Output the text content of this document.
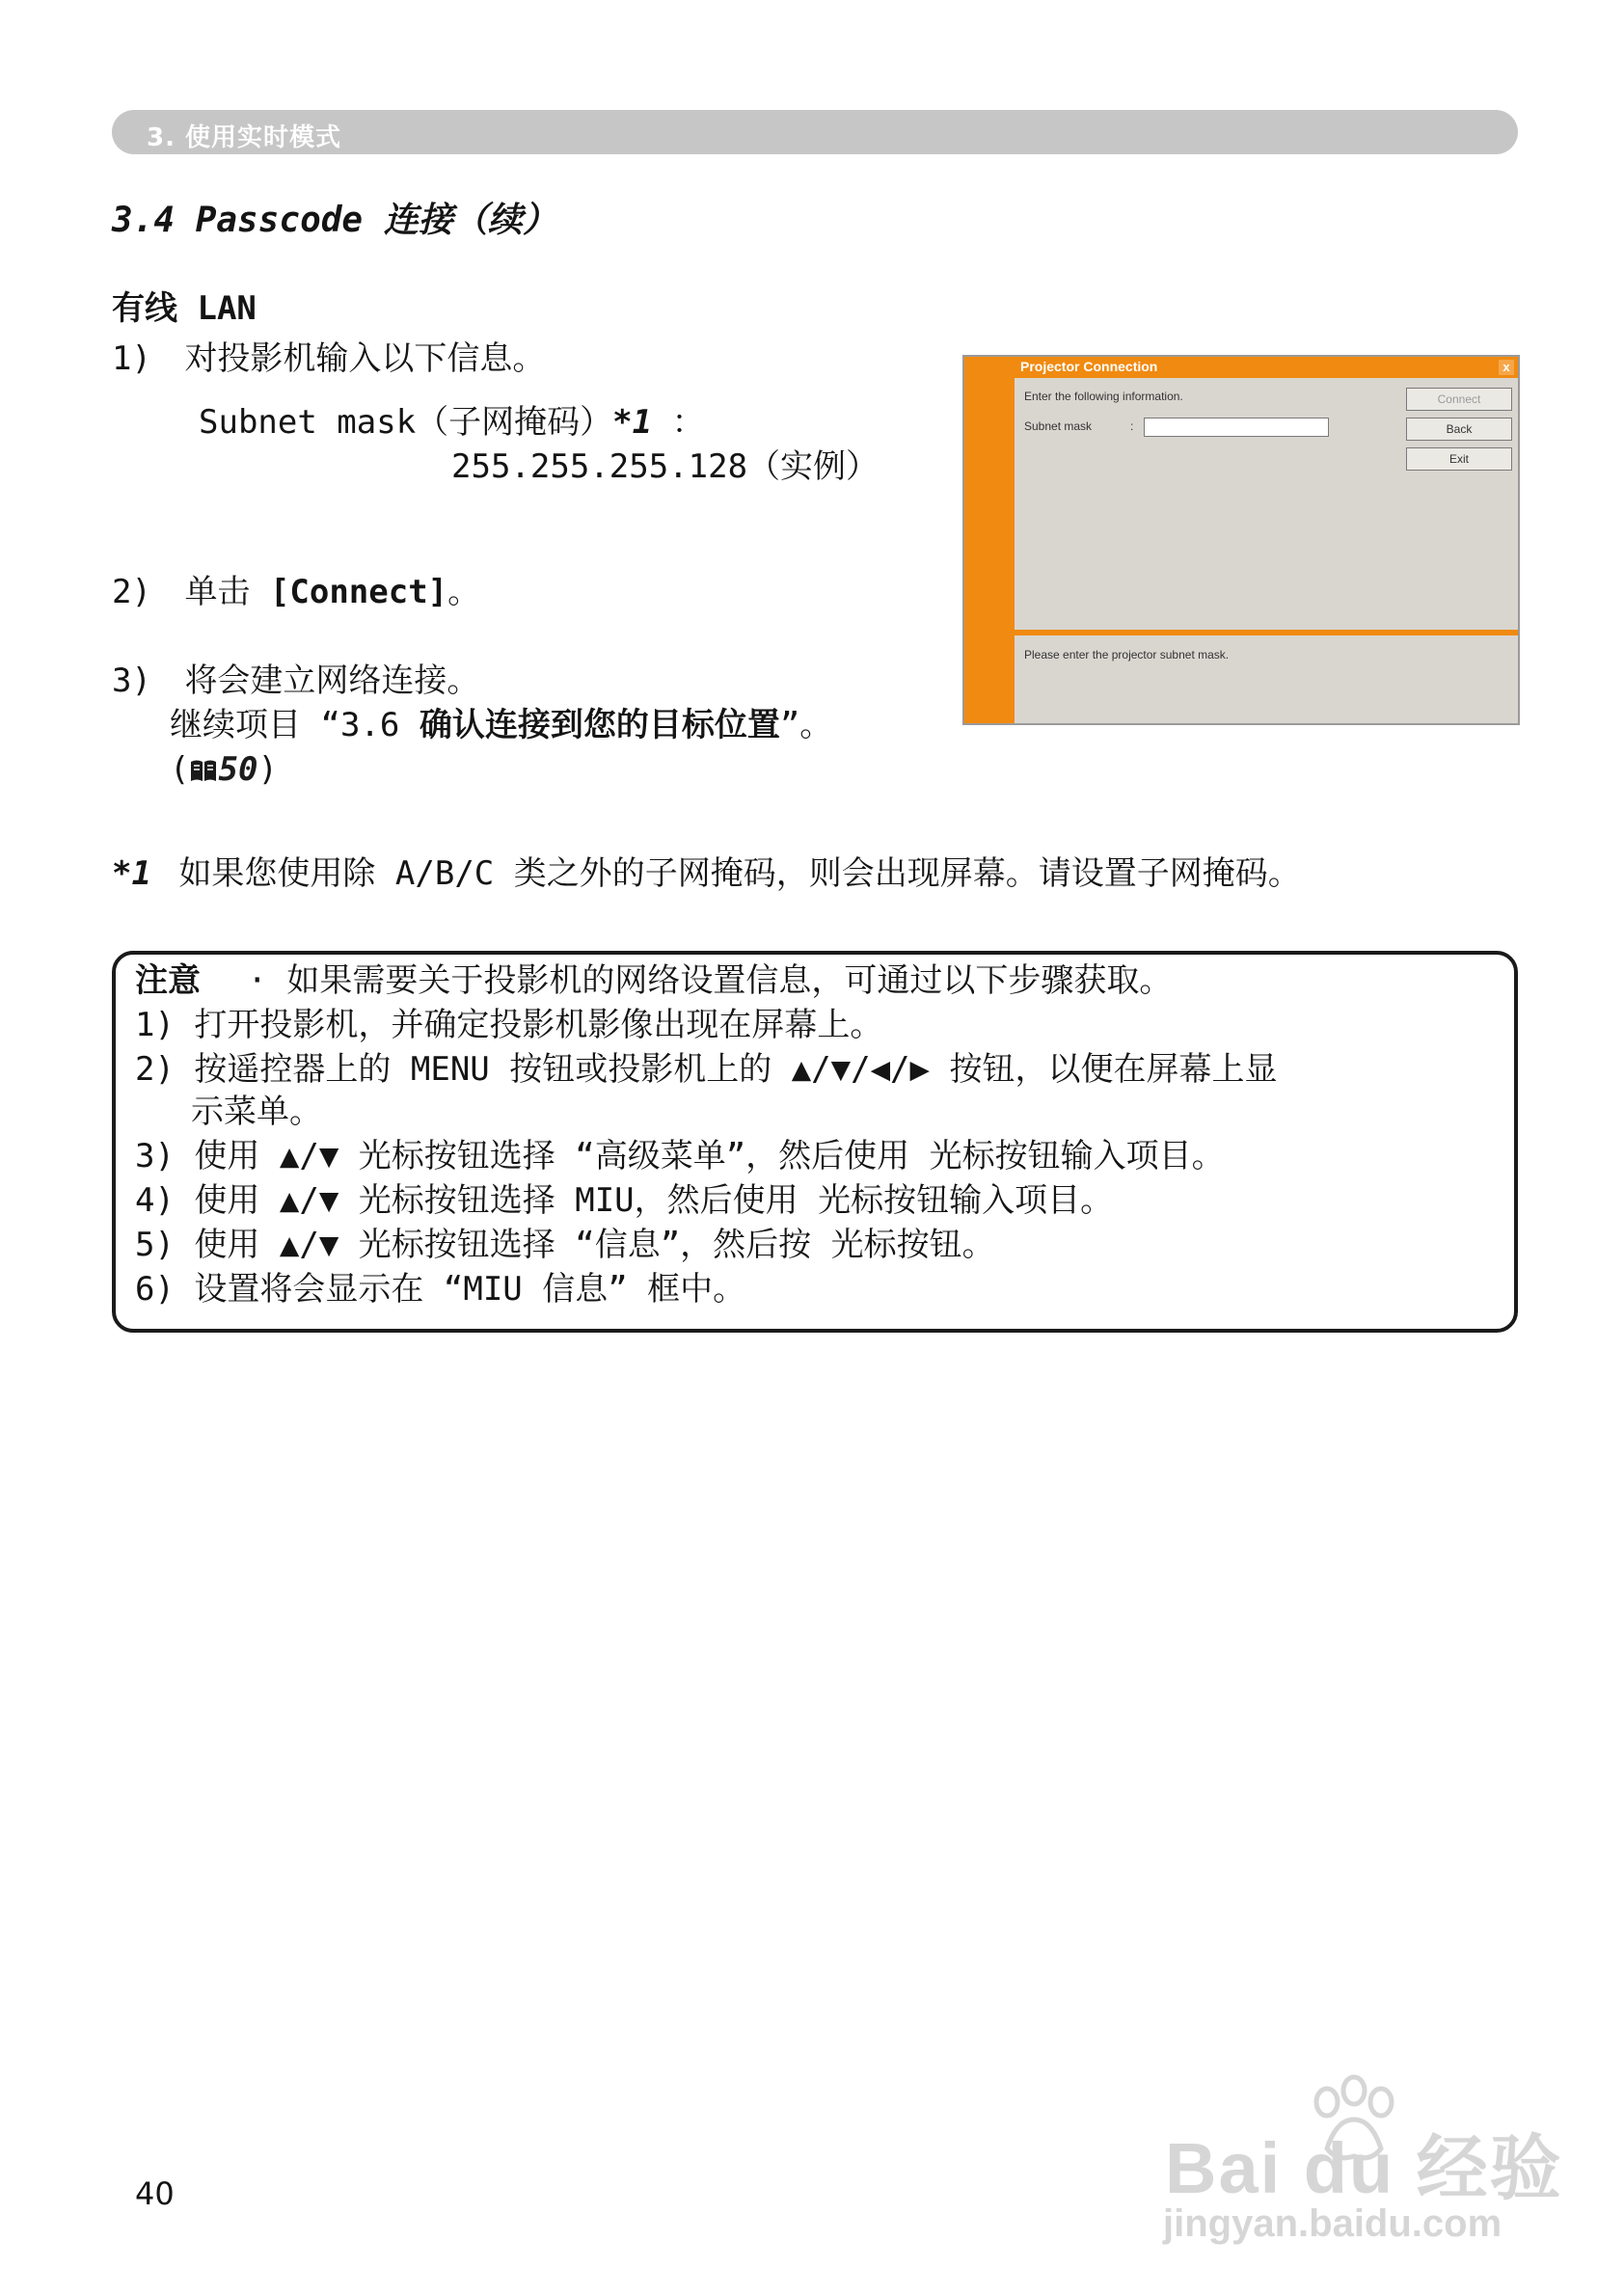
3. 使用实时模式
3.4 Passcode 连接（续）
有线 LAN
1) 对投影机输入以下信息。
Subnet mask（子网掩码）*1 ：
255.255.255.128（实例）
2) 单击 [Connect]。
3) 将会建立网络连接。
继续项目 “3.6 确认连接到您的目标位置”。
( 50)
Projector Connection	x
Enter the following information.
Subnet mask	:
Connect
Back
Exit
Please enter the projector subnet mask.
*1 如果您使用除 A/B/C 类之外的子网掩码，则会出现屏幕。请设置子网掩码。
注意 · 如果需要关于投影机的网络设置信息，可通过以下步骤获取。
1) 打开投影机，并确定投影机影像出现在屏幕上。
2) 按遥控器上的 MENU 按钮或投影机上的 ▲/▼/◀/▶ 按钮，以便在屏幕上显
示菜单。
3) 使用 ▲/▼ 光标按钮选择 “高级菜单”，然后使用 光标按钮输入项目。
4) 使用 ▲/▼ 光标按钮选择 MIU，然后使用 光标按钮输入项目。
5) 使用 ▲/▼ 光标按钮选择 “信息”，然后按 光标按钮。
6) 设置将会显示在 “MIU 信息” 框中。
40	Bai du 经验
jingyan.baidu.com
